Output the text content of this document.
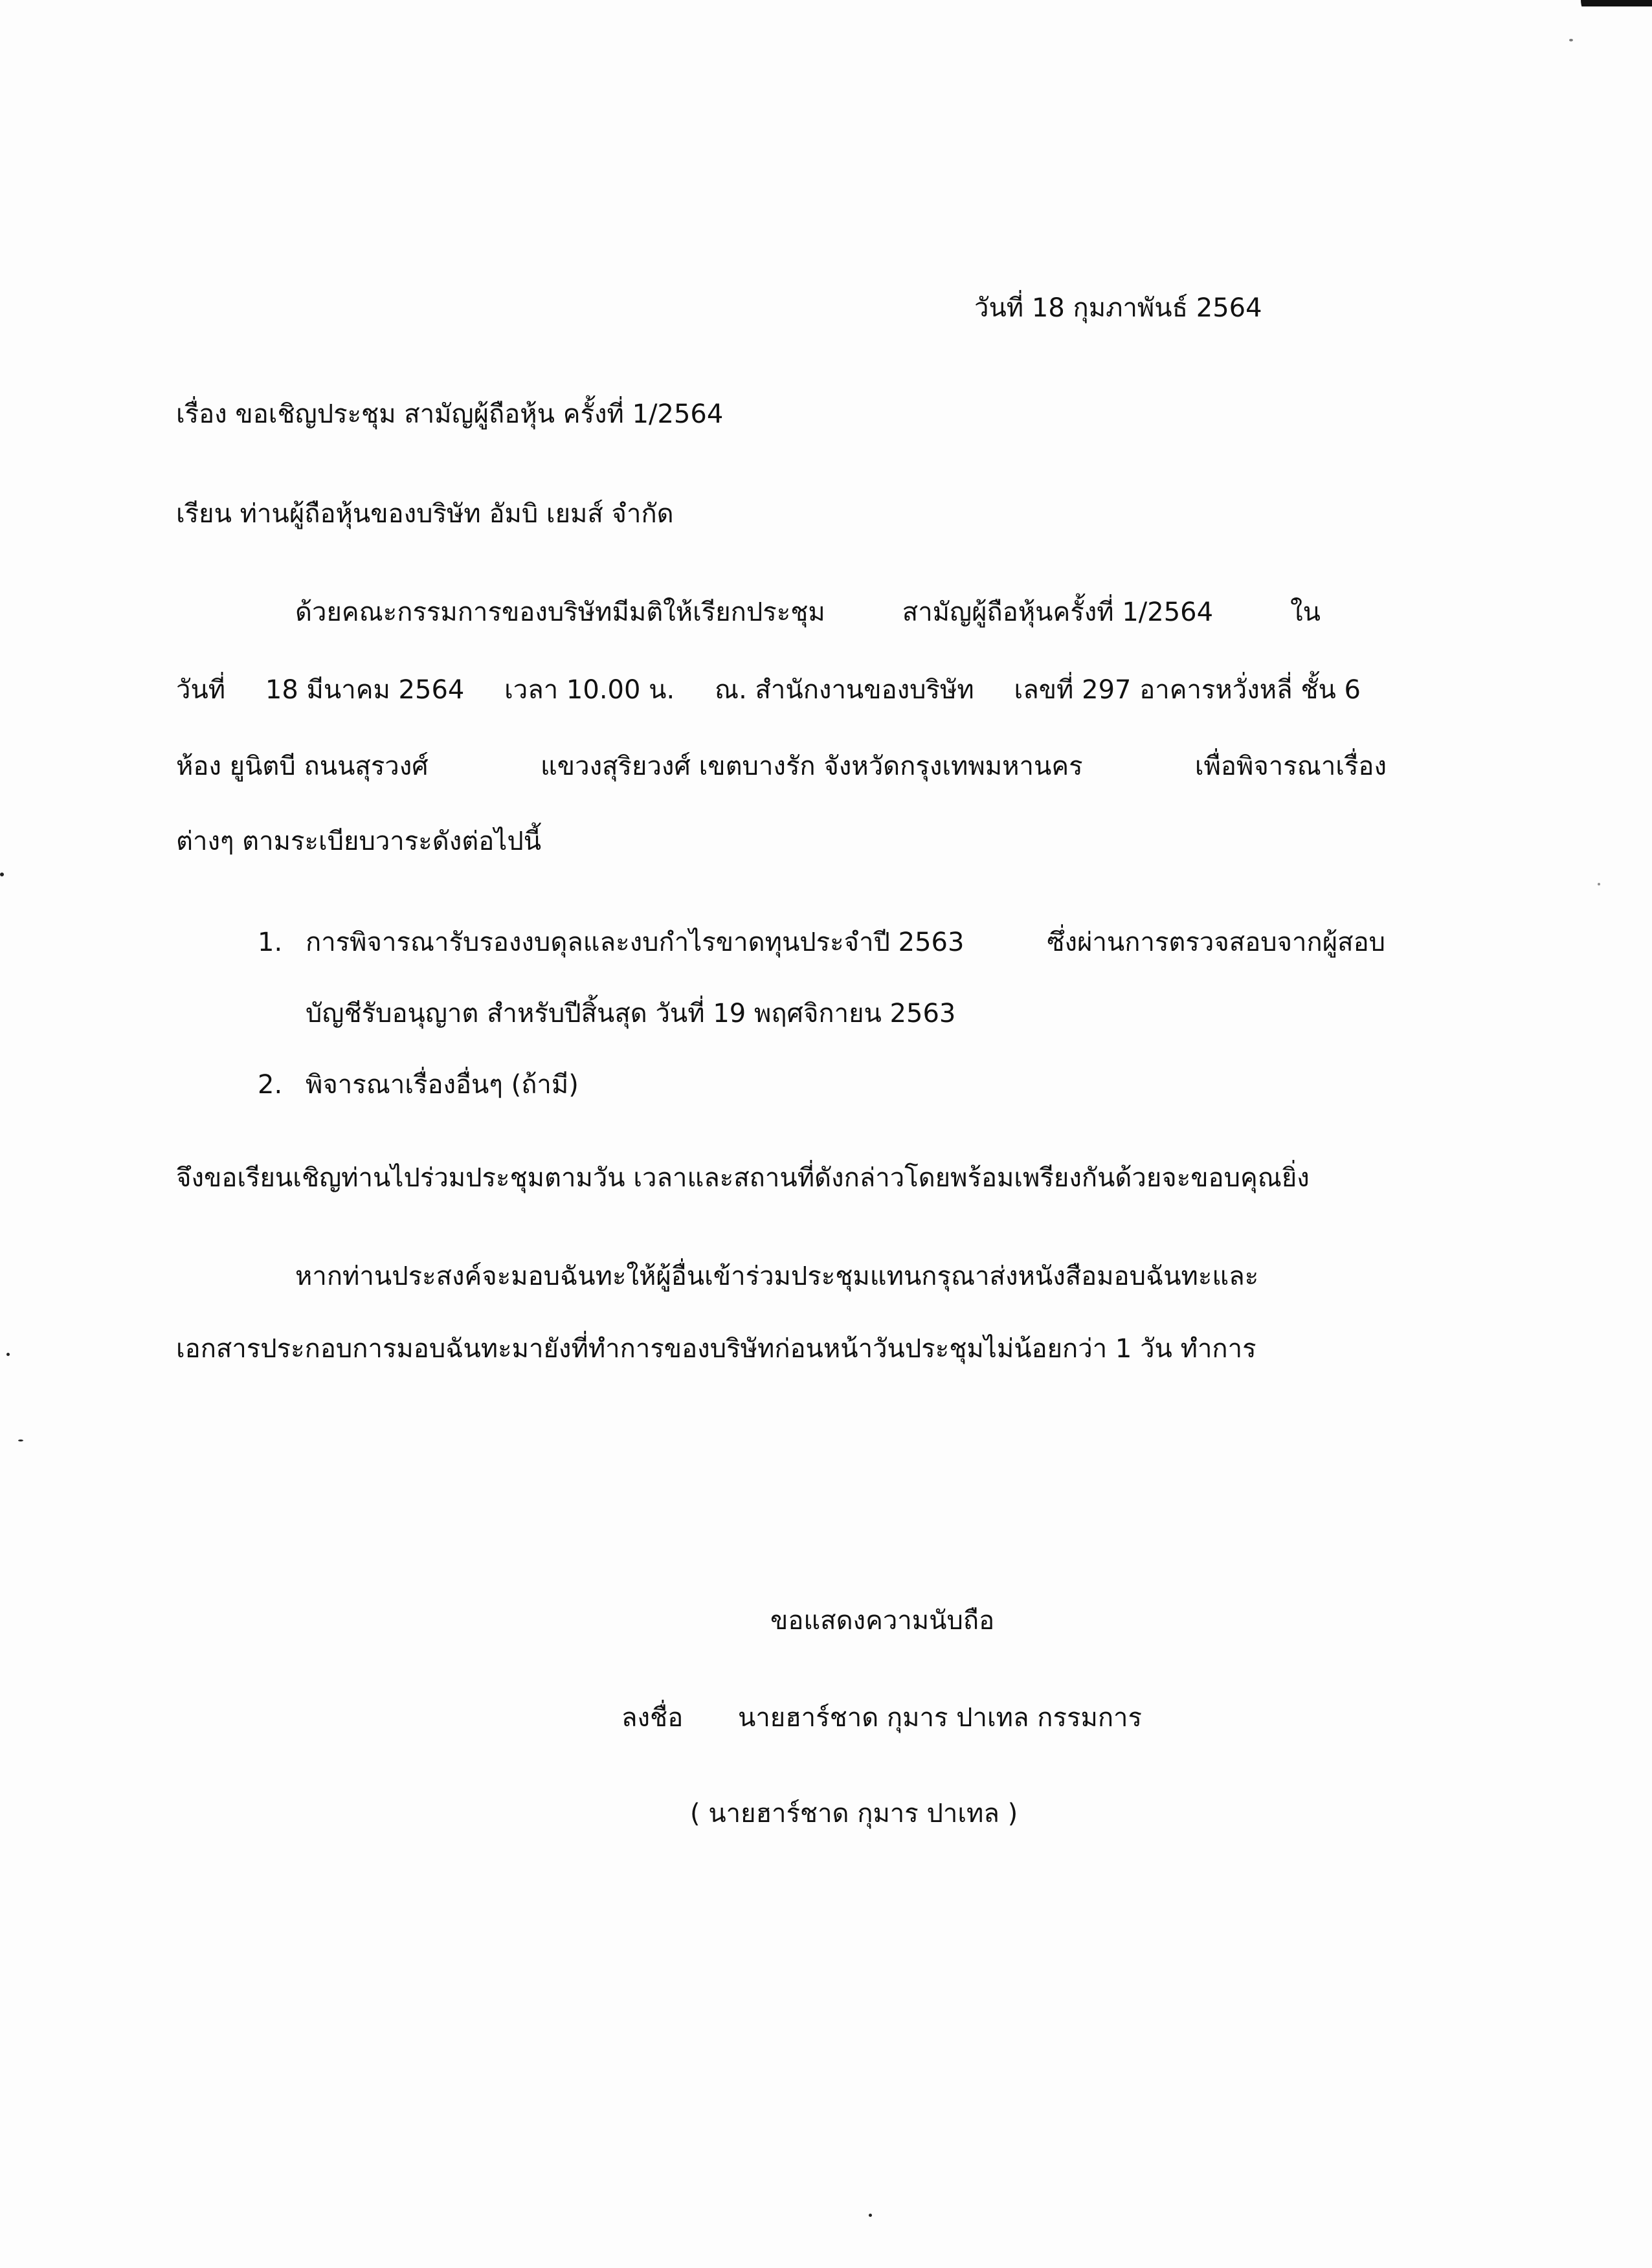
วันที่ 18 กุมภาพันธ์ 2564
เรื่อง ขอเชิญประชุม สามัญผู้ถือหุ้น ครั้งที่ 1/2564
เรียน ท่านผู้ถือหุ้นของบริษัท อัมบิ เยมส์ จำกัด
ด้วยคณะกรรมการของบริษัทมีมติให้เรียกประชุม	สามัญผู้ถือหุ้นครั้งที่ 1/2564	ใน
วันที่ 18 มีนาคม 2564 เวลา 10.00 น. ณ. สำนักงานของบริษัท เลขที่ 297 อาคารหวั่งหลี่ ชั้น 6
ห้อง ยูนิตบี ถนนสุรวงศ์	แขวงสุริยวงศ์ เขตบางรัก จังหวัดกรุงเทพมหานคร	เพื่อพิจารณาเรื่อง
ต่างๆ ตามระเบียบวาระดังต่อไปนี้
1. การพิจารณารับรองงบดุลและงบกำไรขาดทุนประจำปี 2563	ซึ่งผ่านการตรวจสอบจากผู้สอบ
บัญชีรับอนุญาต สำหรับปีสิ้นสุด วันที่ 19 พฤศจิกายน 2563
2. พิจารณาเรื่องอื่นๆ (ถ้ามี)
จึงขอเรียนเชิญท่านไปร่วมประชุมตามวัน เวลาและสถานที่ดังกล่าวโดยพร้อมเพรียงกันด้วยจะขอบคุณยิ่ง
หากท่านประสงค์จะมอบฉันทะให้ผู้อื่นเข้าร่วมประชุมแทนกรุณาส่งหนังสือมอบฉันทะและ
เอกสารประกอบการมอบฉันทะมายังที่ทำการของบริษัทก่อนหน้าวันประชุมไม่น้อยกว่า 1 วัน ทำการ
ขอแสดงความนับถือ
ลงชื่อ นายฮาร์ชาด กุมาร ปาเทล กรรมการ
( นายฮาร์ชาด กุมาร ปาเทล )
